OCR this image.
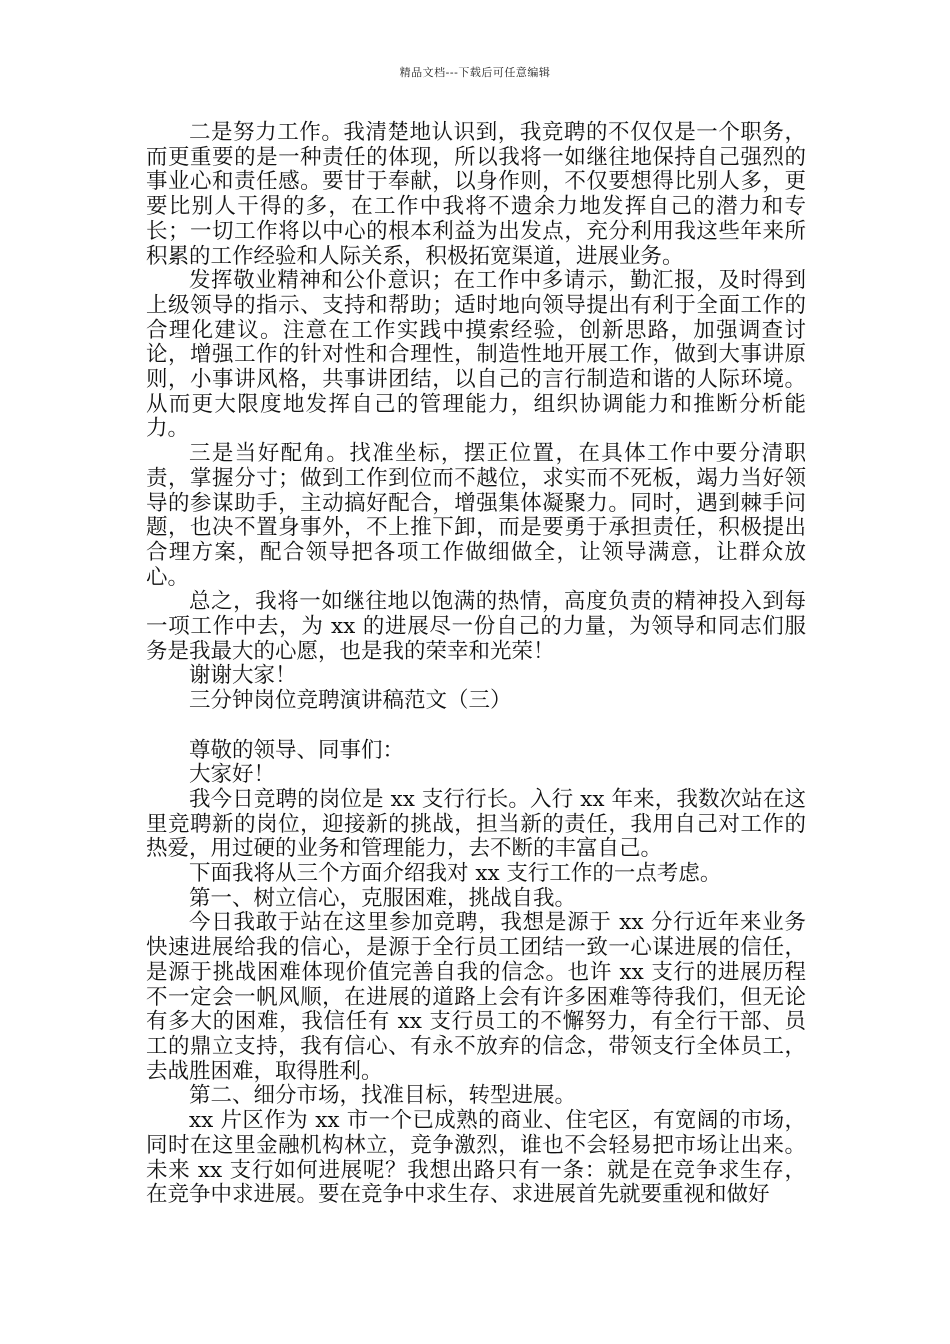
精品文档---下载后可任意编辑

二是努力工作。我清楚地认识到，我竞聘的不仅仅是一个职务，而更重要的是一种责任的体现，所以我将一如继往地保持自己强烈的事业心和责任感。要甘于奉献，以身作则，不仅要想得比别人多，更要比别人干得的多，在工作中我将不遗余力地发挥自己的潜力和专长；一切工作将以中心的根本利益为出发点，充分利用我这些年来所积累的工作经验和人际关系，积极拓宽渠道，进展业务。

发挥敬业精神和公仆意识；在工作中多请示，勤汇报，及时得到上级领导的指示、支持和帮助；适时地向领导提出有利于全面工作的合理化建议。注意在工作实践中摸索经验，创新思路，加强调查讨论，增强工作的针对性和合理性，制造性地开展工作，做到大事讲原则，小事讲风格，共事讲团结，以自己的言行制造和谐的人际环境。从而更大限度地发挥自己的管理能力，组织协调能力和推断分析能力。

三是当好配角。找准坐标，摆正位置，在具体工作中要分清职责，掌握分寸；做到工作到位而不越位，求实而不死板，竭力当好领导的参谋助手，主动搞好配合，增强集体凝聚力。同时，遇到棘手问题，也决不置身事外，不上推下卸，而是要勇于承担责任，积极提出合理方案，配合领导把各项工作做细做全，让领导满意，让群众放心。

总之，我将一如继往地以饱满的热情，高度负责的精神投入到每一项工作中去，为 xx 的进展尽一份自己的力量，为领导和同志们服务是我最大的心愿，也是我的荣幸和光荣！

谢谢大家！

三分钟岗位竞聘演讲稿范文（三）

尊敬的领导、同事们：

大家好！

我今日竞聘的岗位是 xx 支行行长。入行 xx 年来，我数次站在这里竞聘新的岗位，迎接新的挑战，担当新的责任，我用自己对工作的热爱，用过硬的业务和管理能力，去不断的丰富自己。

下面我将从三个方面介绍我对 xx 支行工作的一点考虑。

第一、树立信心，克服困难，挑战自我。

今日我敢于站在这里参加竞聘，我想是源于 xx 分行近年来业务快速进展给我的信心，是源于全行员工团结一致一心谋进展的信任，是源于挑战困难体现价值完善自我的信念。也许 xx 支行的进展历程不一定会一帆风顺，在进展的道路上会有许多困难等待我们，但无论有多大的困难，我信任有 xx 支行员工的不懈努力，有全行干部、员工的鼎立支持，我有信心、有永不放弃的信念，带领支行全体员工，去战胜困难，取得胜利。

第二、细分市场，找准目标，转型进展。

xx 片区作为 xx 市一个已成熟的商业、住宅区，有宽阔的市场，同时在这里金融机构林立，竞争激烈，谁也不会轻易把市场让出来。未来 xx 支行如何进展呢？我想出路只有一条：就是在竞争求生存，在竞争中求进展。要在竞争中求生存、求进展首先就要重视和做好
